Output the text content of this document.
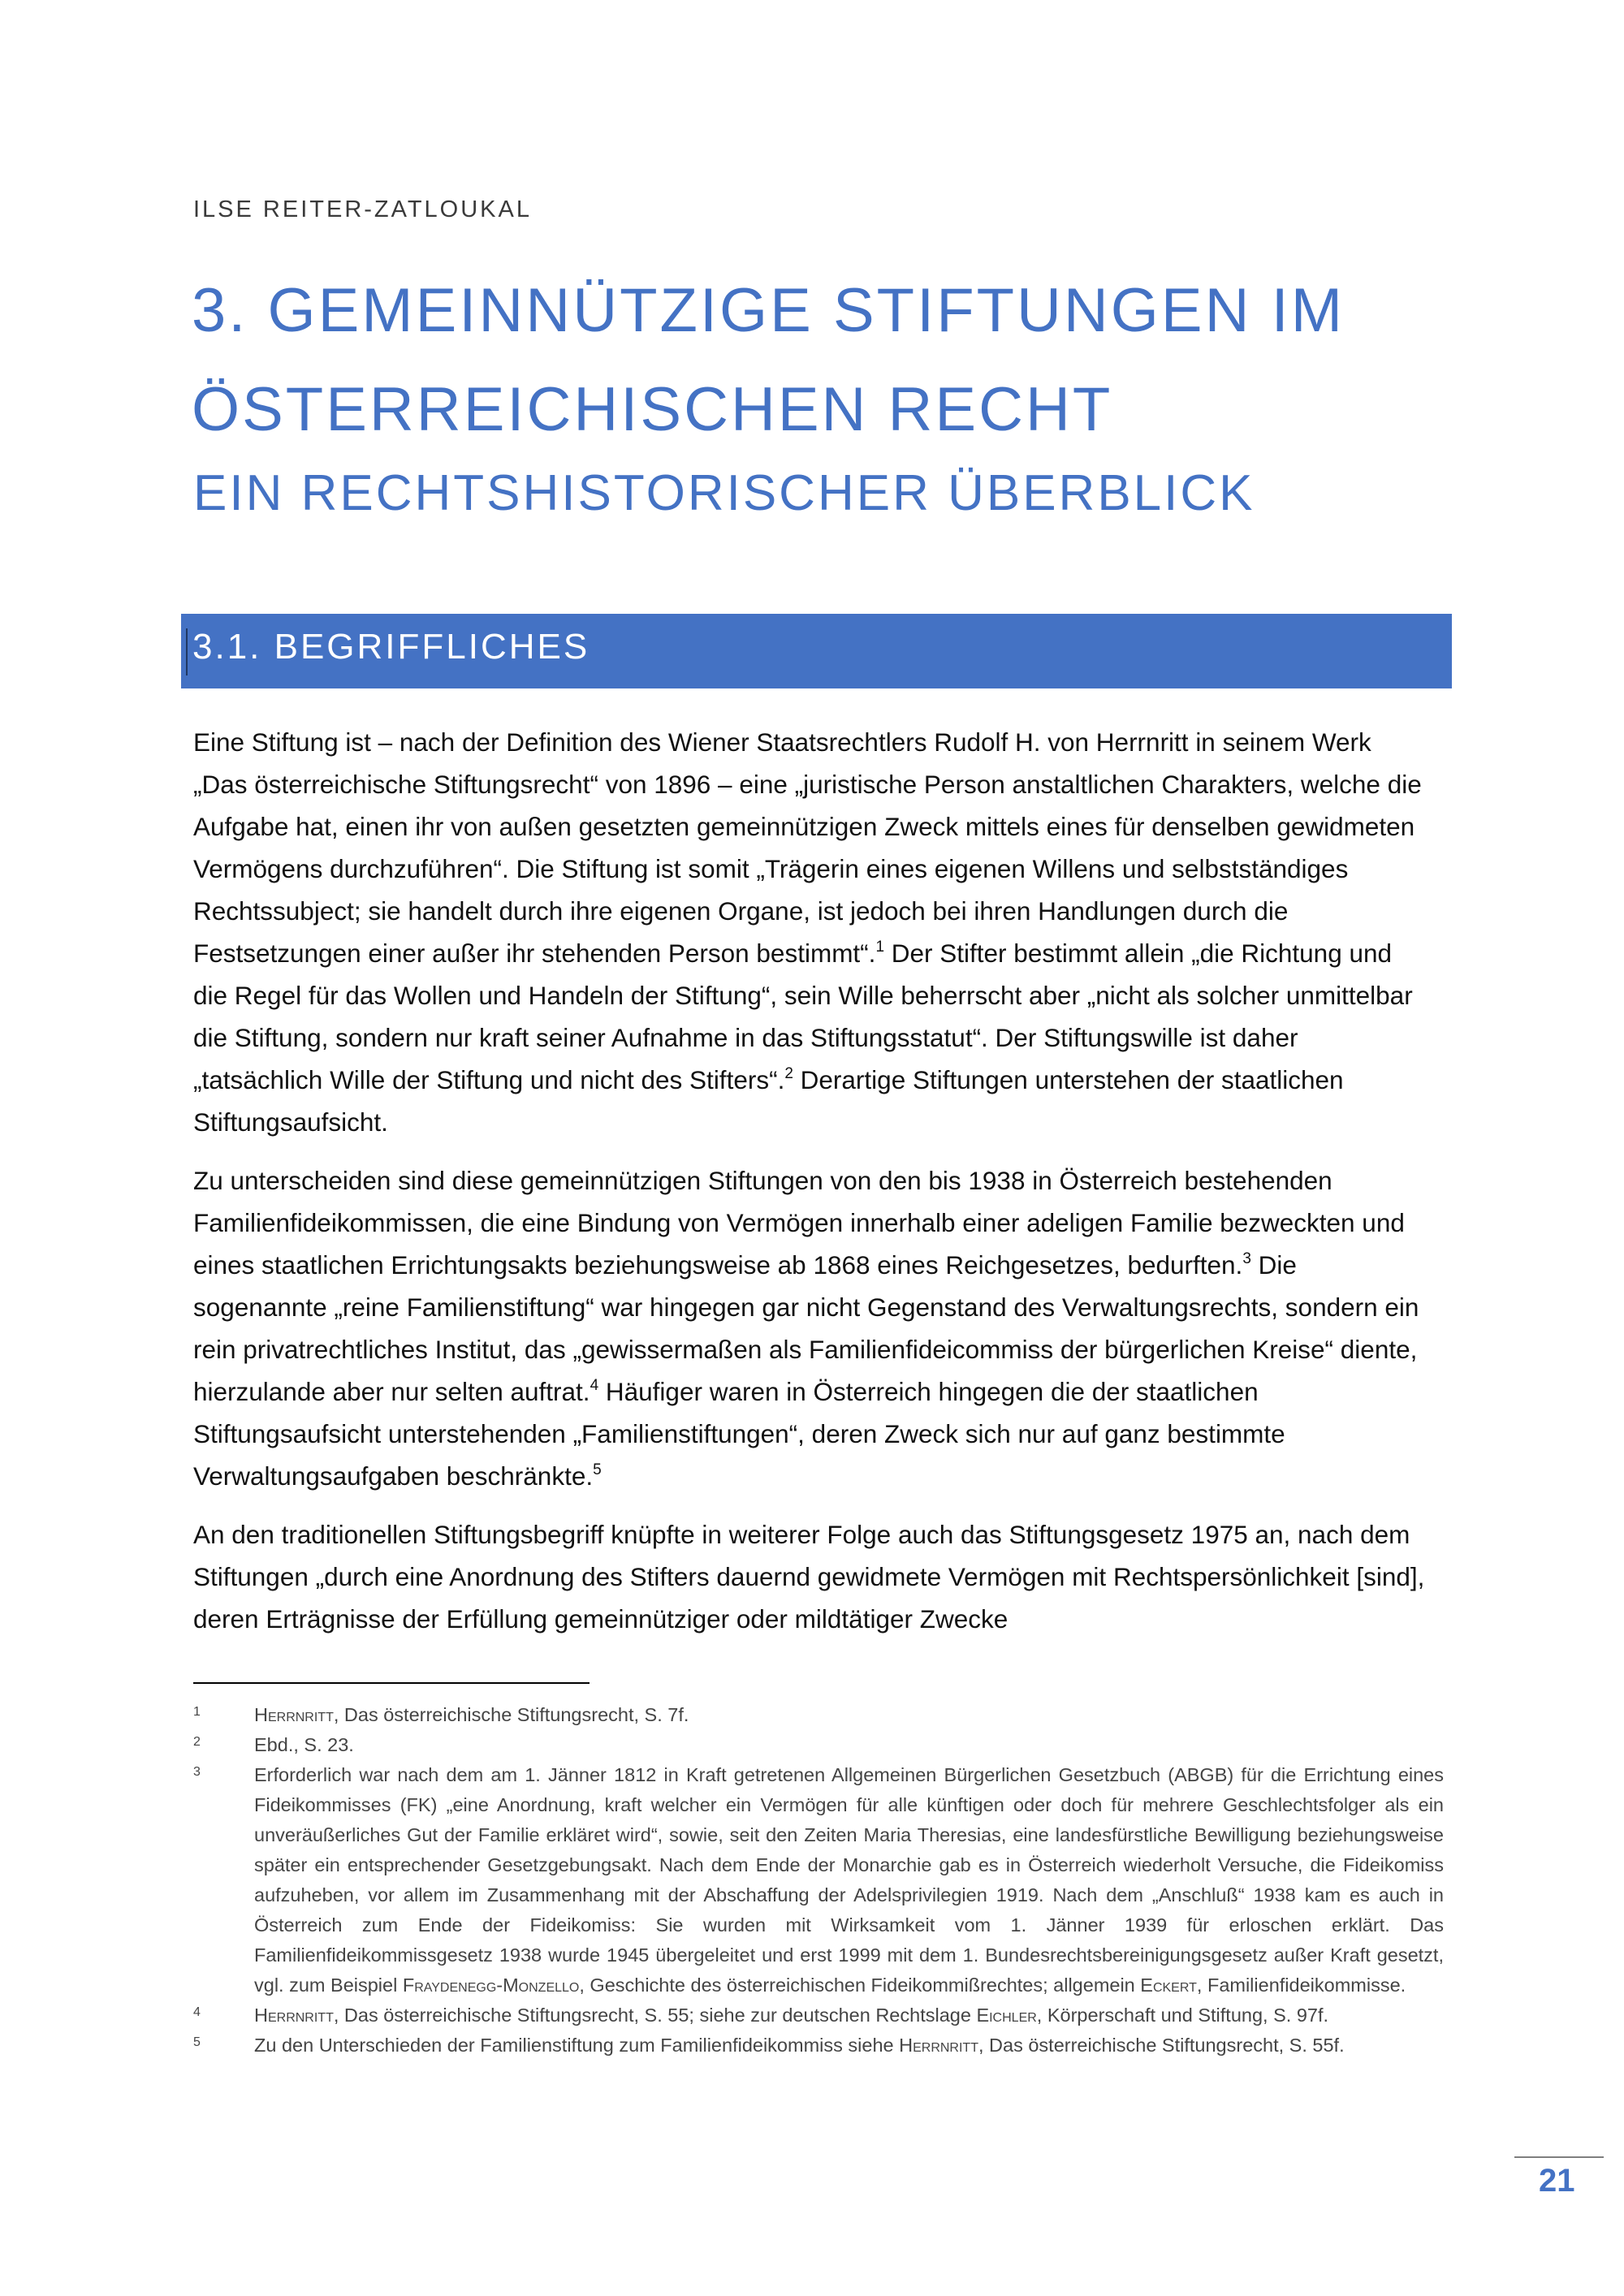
ILSE REITER-ZATLOUKAL
3. GEMEINNÜTZIGE STIFTUNGEN IM
ÖSTERREICHISCHEN RECHT
EIN RECHTSHISTORISCHER ÜBERBLICK
3.1. BEGRIFFLICHES

Eine Stiftung ist – nach der Definition des Wiener Staatsrechtlers Rudolf H. von Herrnritt in seinem Werk „Das österreichische Stiftungsrecht“ von 1896 – eine „juristische Person anstaltlichen Charakters, welche die Aufgabe hat, einen ihr von außen gesetzten gemeinnützigen Zweck mittels eines für denselben gewidmeten Vermögens durchzuführen“. Die Stiftung ist somit „Trägerin eines eigenen Willens und selbstständiges Rechtssubject; sie handelt durch ihre eigenen Organe, ist jedoch bei ihren Handlungen durch die Festsetzungen einer außer ihr stehenden Person bestimmt“.$^1$ Der Stifter bestimmt allein „die Richtung und die Regel für das Wollen und Handeln der Stiftung“, sein Wille beherrscht aber „nicht als solcher unmittelbar die Stiftung, sondern nur kraft seiner Aufnahme in das Stiftungsstatut“. Der Stiftungswille ist daher „tatsächlich Wille der Stiftung und nicht des Stifters“.$^2$ Derartige Stiftungen unterstehen der staatlichen Stiftungsaufsicht.

Zu unterscheiden sind diese gemeinnützigen Stiftungen von den bis 1938 in Österreich bestehenden Familienfideikommissen, die eine Bindung von Vermögen innerhalb einer adeligen Familie bezweckten und eines staatlichen Errichtungsakts beziehungsweise ab 1868 eines Reichgesetzes, bedurften.$^3$ Die sogenannte „reine Familienstiftung“ war hingegen gar nicht Gegenstand des Verwaltungsrechts, sondern ein rein privatrechtliches Institut, das „gewissermaßen als Familienfideicommiss der bürgerlichen Kreise“ diente, hierzulande aber nur selten auftrat.$^4$ Häufiger waren in Österreich hingegen die der staatlichen Stiftungsaufsicht unterstehenden „Familienstiftungen“, deren Zweck sich nur auf ganz bestimmte Verwaltungsaufgaben beschränkte.$^5$

An den traditionellen Stiftungsbegriff knüpfte in weiterer Folge auch das Stiftungsgesetz 1975 an, nach dem Stiftungen „durch eine Anordnung des Stifters dauernd gewidmete Vermögen mit Rechtspersönlichkeit [sind], deren Erträgnisse der Erfüllung gemeinnütziger oder mildtätiger Zwecke

1	Herrnritt, Das österreichische Stiftungsrecht, S. 7f.
2	Ebd., S. 23.
3	Erforderlich war nach dem am 1. Jänner 1812 in Kraft getretenen Allgemeinen Bürgerlichen Gesetzbuch (ABGB) für die Errichtung eines Fideikommisses (FK) „eine Anordnung, kraft welcher ein Vermögen für alle künftigen oder doch für mehrere Geschlechtsfolger als ein unveräußerliches Gut der Familie erkläret wird“, sowie, seit den Zeiten Maria Theresias, eine landesfürstliche Bewilligung beziehungsweise später ein entsprechender Gesetzgebungsakt. Nach dem Ende der Monarchie gab es in Österreich wiederholt Versuche, die Fideikomiss aufzuheben, vor allem im Zusammenhang mit der Abschaffung der Adelsprivilegien 1919. Nach dem „Anschluß“ 1938 kam es auch in Österreich zum Ende der Fideikomiss: Sie wurden mit Wirksamkeit vom 1. Jänner 1939 für erloschen erklärt. Das Familienfideikommissgesetz 1938 wurde 1945 übergeleitet und erst 1999 mit dem 1. Bundesrechtsbereinigungsgesetz außer Kraft gesetzt, vgl. zum Beispiel Fraydenegg-Monzello, Geschichte des österreichischen Fideikommißrechtes; allgemein Eckert, Familienfideikommisse.
4	Herrnritt, Das österreichische Stiftungsrecht, S. 55; siehe zur deutschen Rechtslage Eichler, Körperschaft und Stiftung, S. 97f.
5	Zu den Unterschieden der Familienstiftung zum Familienfideikommiss siehe Herrnritt, Das österreichische Stiftungsrecht, S. 55f.
21
